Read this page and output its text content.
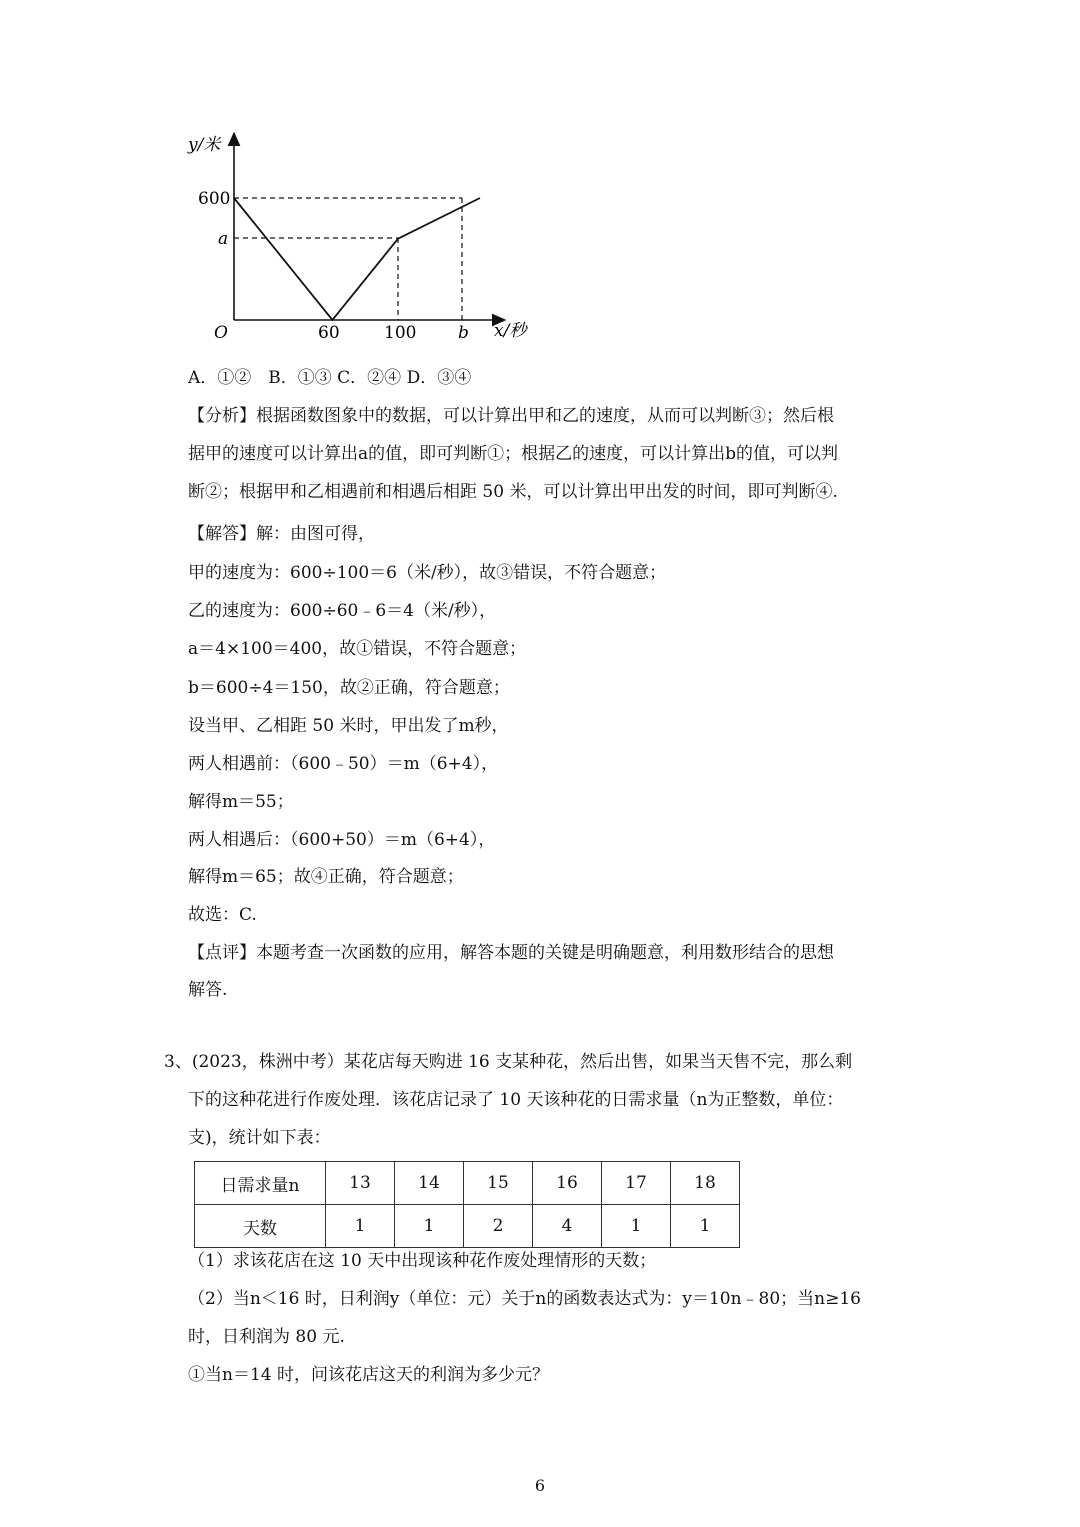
y/米
x/秒
O
600
a
60	100 b
A．①②　B．①③ C．②④ D．③④
【分析】根据函数图象中的数据，可以计算出甲和乙的速度，从而可以判断③；然后根
据甲的速度可以计算出a的值，即可判断①；根据乙的速度，可以计算出b的值，可以判
断②；根据甲和乙相遇前和相遇后相距 50 米，可以计算出甲出发的时间，即可判断④.
【解答】解：由图可得，
甲的速度为：600÷100＝6（米/秒），故③错误，不符合题意；
乙的速度为：600÷60﹣6＝4（米/秒），
a＝4×100＝400，故①错误，不符合题意；
b＝600÷4＝150，故②正确，符合题意；
设当甲、乙相距 50 米时，甲出发了m秒，
两人相遇前：（600﹣50）＝m（6+4），
解得m＝55；
两人相遇后：（600+50）＝m（6+4），
解得m＝65；故④正确，符合题意；
故选：C.
【点评】本题考查一次函数的应用，解答本题的关键是明确题意，利用数形结合的思想
解答.
3、(2023，株洲中考）某花店每天购进 16 支某种花，然后出售，如果当天售不完，那么剩
下的这种花进行作废处理．该花店记录了 10 天该种花的日需求量（n为正整数，单位：
支)，统计如下表：
日需求量n	13	14	15	16	17	18
天数	1	1	2	4	1	1
（1）求该花店在这 10 天中出现该种花作废处理情形的天数；
（2）当n＜16 时，日利润y（单位：元）关于n的函数表达式为：y＝10n﹣80；当n≥16
时，日利润为 80 元.
①当n＝14 时，问该花店这天的利润为多少元？
6
